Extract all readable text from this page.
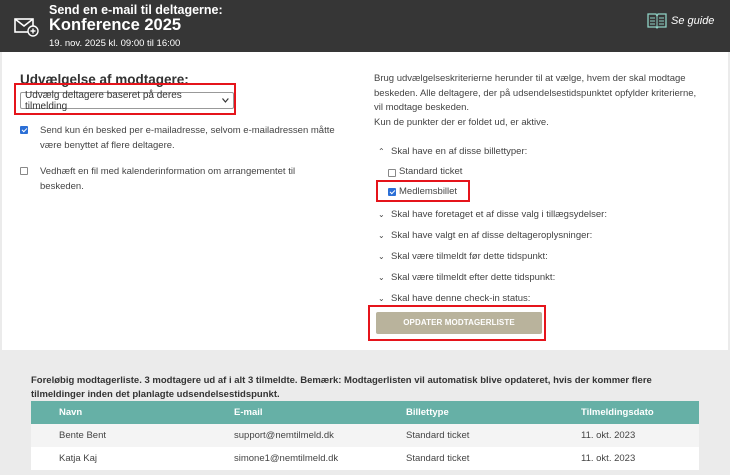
Send en e-mail til deltagerne:
Konference 2025
19. nov. 2025 kl. 09:00 til 16:00
Se guide
Udvælgelse af modtagere:
Udvælg deltagere baseret på deres tilmelding
Send kun én besked per e-mailadresse, selvom e-mailadressen måtte være benyttet af flere deltagere.
Vedhæft en fil med kalenderinformation om arrangementet til beskeden.
Brug udvælgelseskriterierne herunder til at vælge, hvem der skal modtage beskeden. Alle deltagere, der på udsendelsestidspunktet opfylder kriterierne, vil modtage beskeden.
Kun de punkter der er foldet ud, er aktive.
⌃ Skal have en af disse billettyper:
Standard ticket
Medlemsbillet
⌄ Skal have foretaget et af disse valg i tillægsydelser:
⌄ Skal have valgt en af disse deltageroplysninger:
⌄ Skal være tilmeldt før dette tidspunkt:
⌄ Skal være tilmeldt efter dette tidspunkt:
⌄ Skal have denne check-in status:
OPDATER MODTAGERLISTE
Foreløbig modtagerliste. 3 modtagere ud af i alt 3 tilmeldte. Bemærk: Modtagerlisten vil automatisk blive opdateret, hvis der kommer flere tilmeldinger inden det planlagte udsendelsestidspunkt.
Navn	E-mail	Billettype	Tilmeldingsdato
Bente Bent	support@nemtilmeld.dk	Standard ticket	11. okt. 2023
Katja Kaj	simone1@nemtilmeld.dk	Standard ticket	11. okt. 2023
